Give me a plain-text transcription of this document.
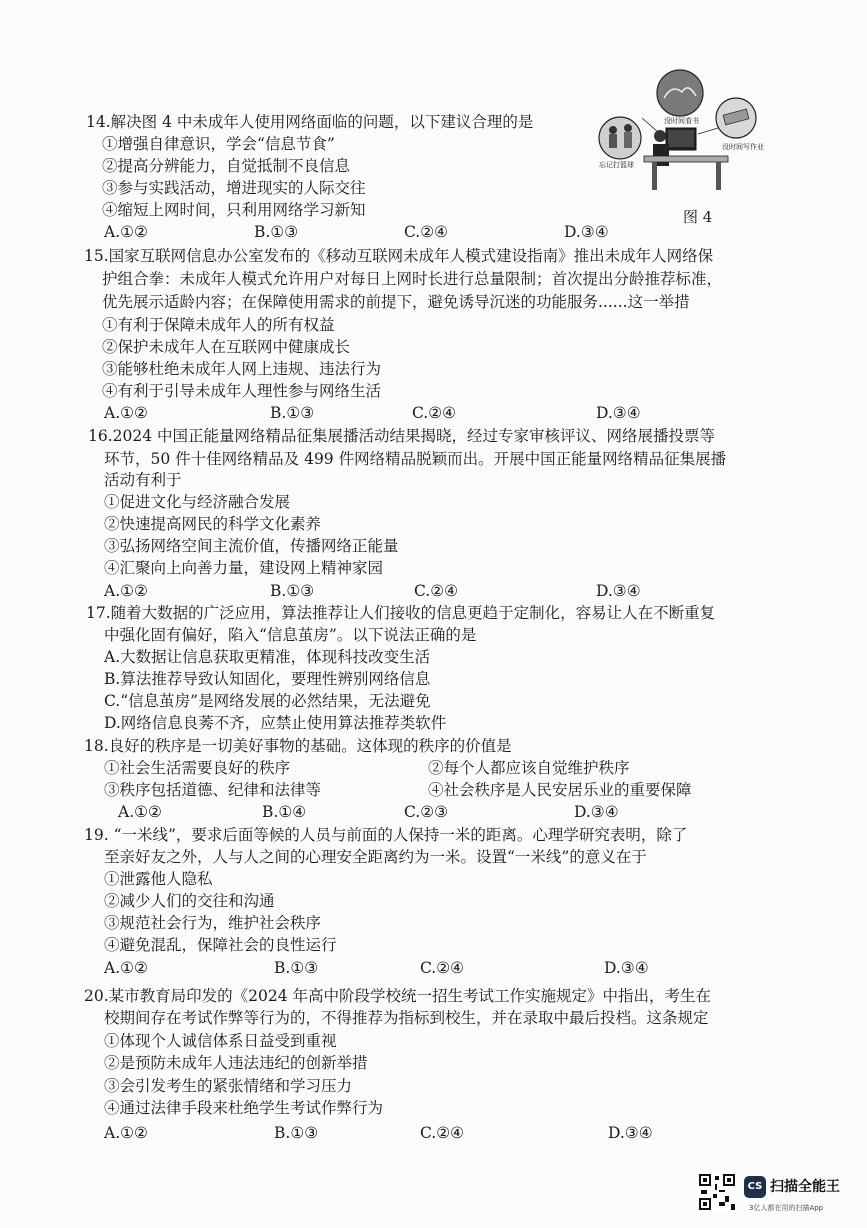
没时间看书
忘记打篮球
没时间写作业
图 4
14.解决图 4 中未成年人使用网络面临的问题，以下建议合理的是
①增强自律意识，学会“信息节食”
②提高分辨能力，自觉抵制不良信息
③参与实践活动，增进现实的人际交往
④缩短上网时间，只利用网络学习新知
A.①②	B.①③	C.②④	D.③④
15.国家互联网信息办公室发布的《移动互联网未成年人模式建设指南》推出未成年人网络保
护组合拳：未成年人模式允许用户对每日上网时长进行总量限制；首次提出分龄推荐标准，
优先展示适龄内容；在保障使用需求的前提下，避免诱导沉迷的功能服务......这一举措
①有利于保障未成年人的所有权益
②保护未成年人在互联网中健康成长
③能够杜绝未成年人网上违规、违法行为
④有利于引导未成年人理性参与网络生活
A.①②	B.①③	C.②④	D.③④
16.2024 中国正能量网络精品征集展播活动结果揭晓，经过专家审核评议、网络展播投票等
环节，50 件十佳网络精品及 499 件网络精品脱颖而出。开展中国正能量网络精品征集展播
活动有利于
①促进文化与经济融合发展
②快速提高网民的科学文化素养
③弘扬网络空间主流价值，传播网络正能量
④汇聚向上向善力量，建设网上精神家园
A.①②	B.①③	C.②④	D.③④
17.随着大数据的广泛应用，算法推荐让人们接收的信息更趋于定制化，容易让人在不断重复
中强化固有偏好，陷入“信息茧房”。以下说法正确的是
A.大数据让信息获取更精准，体现科技改变生活
B.算法推荐导致认知固化，要理性辨别网络信息
C.“信息茧房”是网络发展的必然结果，无法避免
D.网络信息良莠不齐，应禁止使用算法推荐类软件
18.良好的秩序是一切美好事物的基础。这体现的秩序的价值是
①社会生活需要良好的秩序	②每个人都应该自觉维护秩序
③秩序包括道德、纪律和法律等	④社会秩序是人民安居乐业的重要保障
A.①②	B.①④	C.②③	D.③④
19. “一米线”，要求后面等候的人员与前面的人保持一米的距离。心理学研究表明，除了
至亲好友之外，人与人之间的心理安全距离约为一米。设置“一米线”的意义在于
①泄露他人隐私
②减少人们的交往和沟通
③规范社会行为，维护社会秩序
④避免混乱，保障社会的良性运行
A.①②	B.①③	C.②④	D.③④
20.某市教育局印发的《2024 年高中阶段学校统一招生考试工作实施规定》中指出，考生在
校期间存在考试作弊等行为的，不得推荐为指标到校生，并在录取中最后投档。这条规定
①体现个人诚信体系日益受到重视
②是预防未成年人违法违纪的创新举措
③会引发考生的紧张情绪和学习压力
④通过法律手段来杜绝学生考试作弊行为
A.①②	B.①③	C.②④	D.③④
CS 扫描全能王
3亿人都在用的扫描App
